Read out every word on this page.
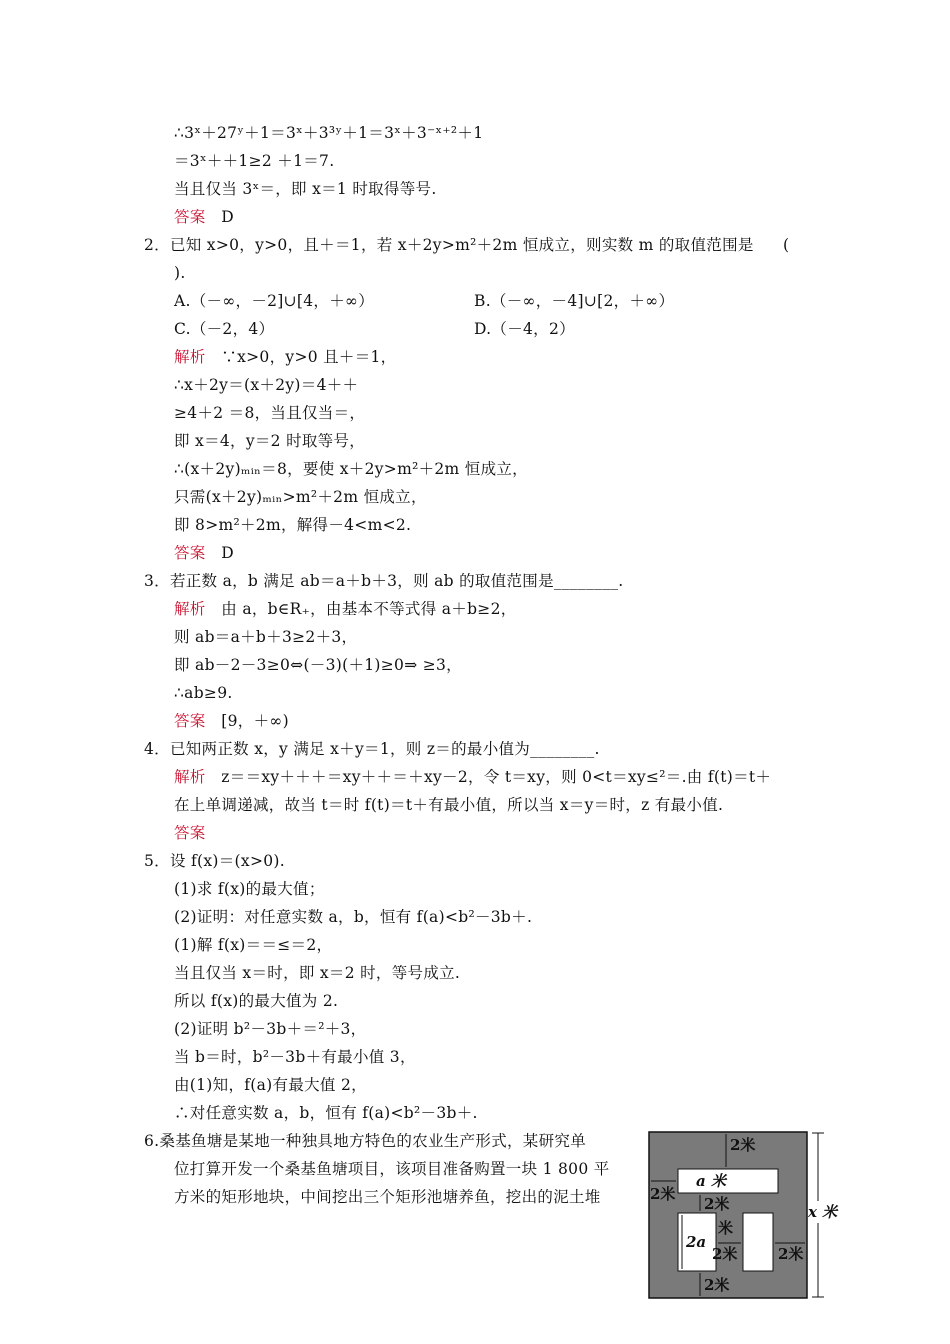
∴3ˣ＋27ʸ＋1＝3ˣ＋3³ʸ＋1＝3ˣ＋3⁻ˣ⁺²＋1
＝3ˣ＋＋1≥2 ＋1＝7.
当且仅当 3ˣ＝，即 x＝1 时取得等号.
答案 D
2．已知 x>0，y>0，且＋＝1，若 x＋2y>m²＋2m 恒成立，则实数 m 的取值范围是 (
).
A.（－∞，－2]∪[4，＋∞）	B.（－∞，－4]∪[2，＋∞）
C.（－2，4）	D.（－4，2）
解析 ∵x>0，y>0 且＋＝1，
∴x＋2y＝(x＋2y)＝4＋＋
≥4＋2 ＝8，当且仅当＝，
即 x＝4，y＝2 时取等号，
∴(x＋2y)ₘᵢₙ＝8，要使 x＋2y>m²＋2m 恒成立，
只需(x＋2y)ₘᵢₙ>m²＋2m 恒成立，
即 8>m²＋2m，解得－4<m<2.
答案 D
3．若正数 a，b 满足 ab＝a＋b＋3，则 ab 的取值范围是________.
解析 由 a，b∈R₊，由基本不等式得 a＋b≥2，
则 ab＝a＋b＋3≥2＋3，
即 ab－2－3≥0⇔(－3)(＋1)≥0⇒ ≥3，
∴ab≥9.
答案 [9，＋∞)
4．已知两正数 x，y 满足 x＋y＝1，则 z＝的最小值为________.
解析 z＝＝xy＋＋＋＝xy＋＋＝＋xy－2，令 t＝xy，则 0<t＝xy≤²＝.由 f(t)＝t＋
在上单调递减，故当 t＝时 f(t)＝t＋有最小值，所以当 x＝y＝时，z 有最小值.
答案
5．设 f(x)＝(x>0).
(1)求 f(x)的最大值；
(2)证明：对任意实数 a，b，恒有 f(a)<b²－3b＋.
(1)解 f(x)＝＝≤＝2，
当且仅当 x＝时，即 x＝2 时，等号成立.
所以 f(x)的最大值为 2.
(2)证明 b²－3b＋＝²＋3，
当 b＝时，b²－3b＋有最小值 3，
由(1)知，f(a)有最大值 2，
∴对任意实数 a，b，恒有 f(a)<b²－3b＋.
6.桑基鱼塘是某地一种独具地方特色的农业生产形式，某研究单
位打算开发一个桑基鱼塘项目，该项目准备购置一块 1 800 平
方米的矩形地块，中间挖出三个矩形池塘养鱼，挖出的泥土堆
2米
a 米
2米
2米
2a
米
2米	2米
2米
x 米
